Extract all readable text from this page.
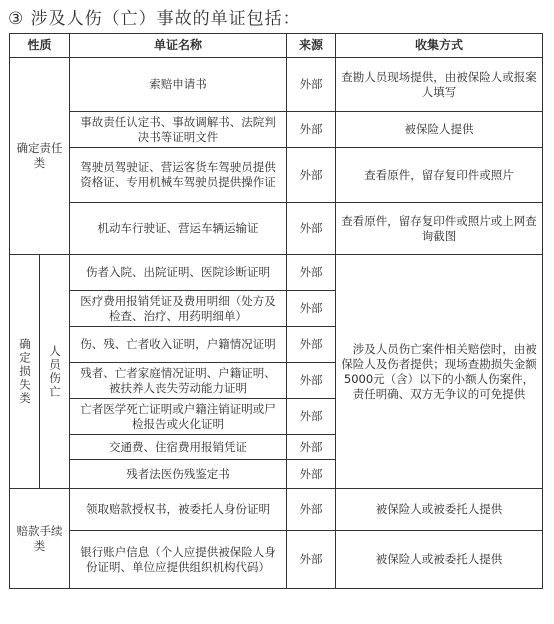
③ 涉及人伤（亡）事故的单证包括：
性质		单证名称	来源	收集方式
确定责任类		索赔申请书	外部	查勘人员现场提供，由被保险人或报案人填写
		事故责任认定书、事故调解书、法院判决书等证明文件	外部	被保险人提供
		驾驶员驾驶证、营运客货车驾驶员提供资格证、专用机械车驾驶员提供操作证	外部	查看原件，留存复印件或照片
		机动车行驶证、营运车辆运输证	外部	查看原件，留存复印件或照片或上网查询截图
确定损失类	人员伤亡	伤者入院、出院证明、医院诊断证明	外部	涉及人员伤亡案件相关赔偿时，由被保险人及伤者提供；现场查勘损失金额5000元（含）以下的小额人伤案件，责任明确、双方无争议的可免提供
		医疗费用报销凭证及费用明细（处方及检查、治疗、用药明细单）	外部	
		伤、残、亡者收入证明，户籍情况证明	外部	
		残者、亡者家庭情况证明、户籍证明、被扶养人丧失劳动能力证明	外部	
		亡者医学死亡证明或户籍注销证明或尸检报告或火化证明	外部	
		交通费、住宿费用报销凭证	外部	
		残者法医伤残鉴定书	外部	
赔款手续类		领取赔款授权书，被委托人身份证明	外部	被保险人或被委托人提供
		银行账户信息（个人应提供被保险人身份证明、单位应提供组织机构代码）	外部	被保险人或被委托人提供
